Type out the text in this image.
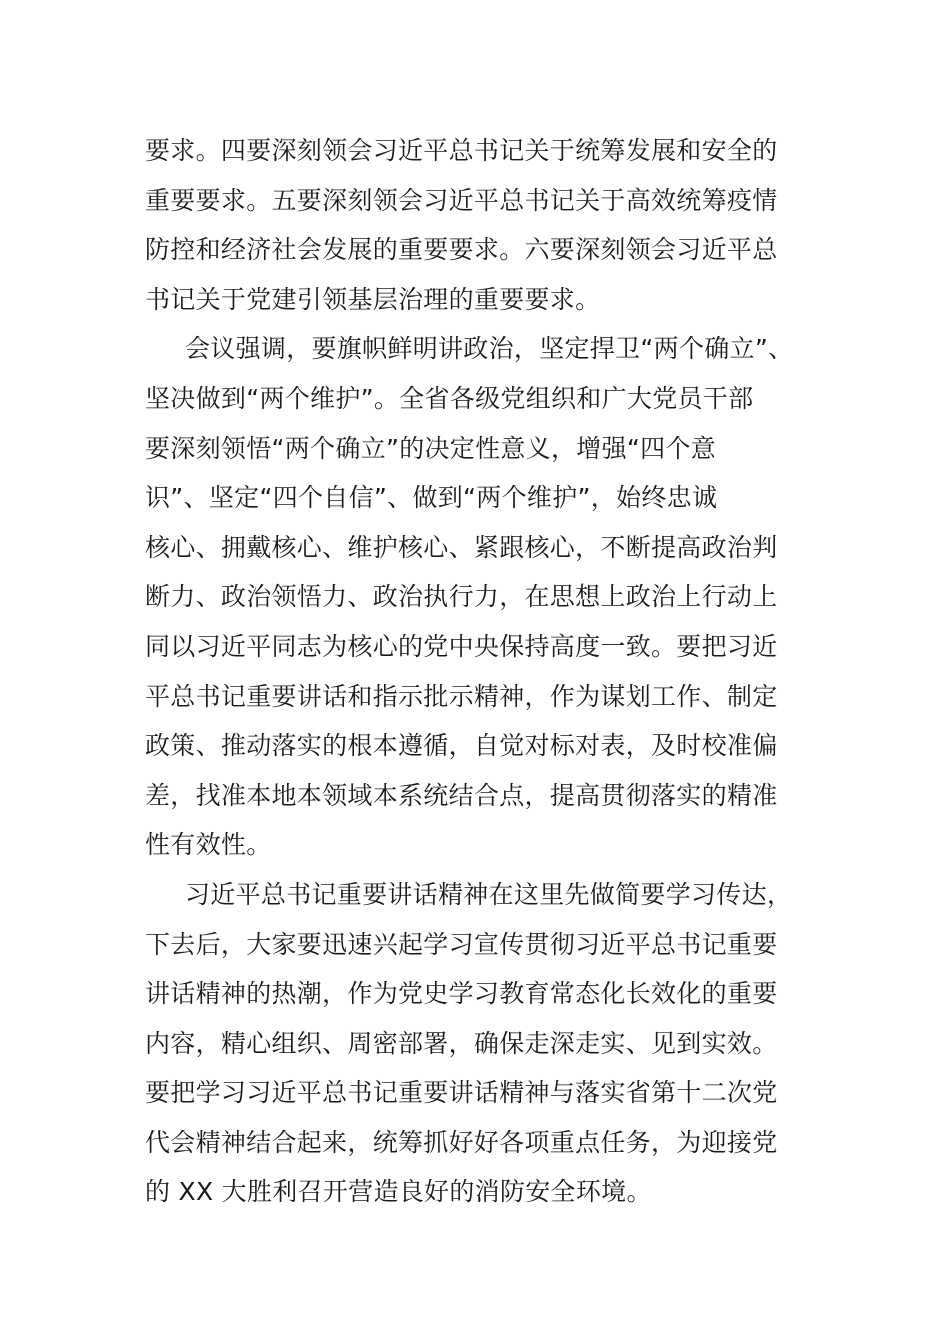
要求。四要深刻领会习近平总书记关于统筹发展和安全的
重要要求。五要深刻领会习近平总书记关于高效统筹疫情
防控和经济社会发展的重要要求。六要深刻领会习近平总
书记关于党建引领基层治理的重要要求。
会议强调，要旗帜鲜明讲政治，坚定捍卫“两个确立”、
坚决做到“两个维护”。全省各级党组织和广大党员干部
要深刻领悟“两个确立”的决定性意义，增强“四个意
识”、坚定“四个自信”、做到“两个维护”，始终忠诚
核心、拥戴核心、维护核心、紧跟核心，不断提高政治判
断力、政治领悟力、政治执行力，在思想上政治上行动上
同以习近平同志为核心的党中央保持高度一致。要把习近
平总书记重要讲话和指示批示精神，作为谋划工作、制定
政策、推动落实的根本遵循，自觉对标对表，及时校准偏
差，找准本地本领域本系统结合点，提高贯彻落实的精准
性有效性。
习近平总书记重要讲话精神在这里先做简要学习传达，
下去后，大家要迅速兴起学习宣传贯彻习近平总书记重要
讲话精神的热潮，作为党史学习教育常态化长效化的重要
内容，精心组织、周密部署，确保走深走实、见到实效。
要把学习习近平总书记重要讲话精神与落实省第十二次党
代会精神结合起来，统筹抓好好各项重点任务，为迎接党
的 XX 大胜利召开营造良好的消防安全环境。
